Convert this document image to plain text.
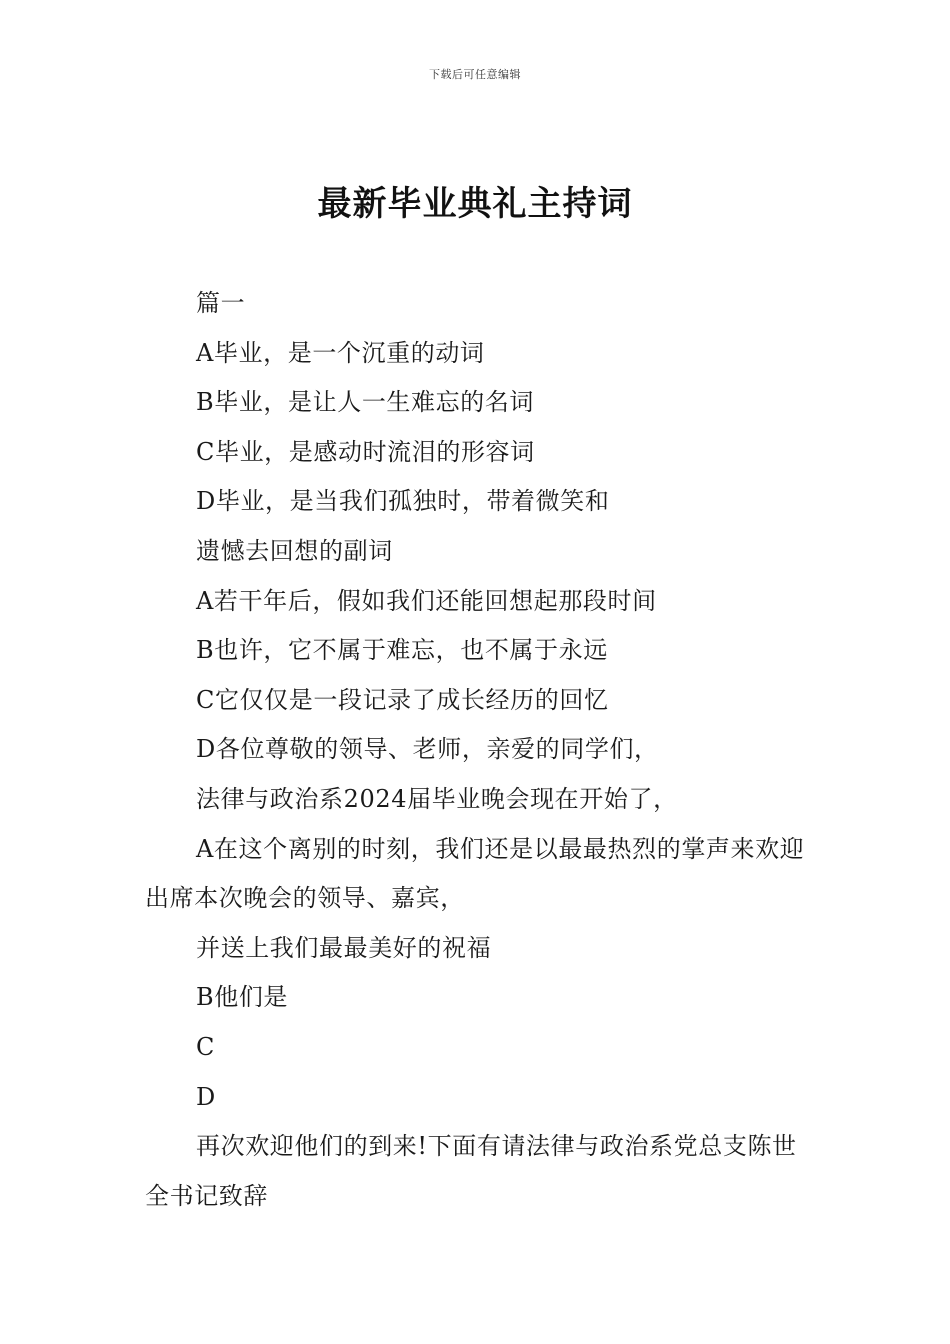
下载后可任意编辑
最新毕业典礼主持词

篇一

A毕业，是一个沉重的动词

B毕业，是让人一生难忘的名词

C毕业，是感动时流泪的形容词

D毕业，是当我们孤独时，带着微笑和

遗憾去回想的副词

A若干年后，假如我们还能回想起那段时间

B也许，它不属于难忘，也不属于永远

C它仅仅是一段记录了成长经历的回忆

D各位尊敬的领导、老师，亲爱的同学们，

法律与政治系2024届毕业晚会现在开始了，

A在这个离别的时刻，我们还是以最最热烈的掌声来欢迎出席本次晚会的领导、嘉宾，

并送上我们最最美好的祝福

B他们是

C

D

再次欢迎他们的到来!下面有请法律与政治系党总支陈世全书记致辞
